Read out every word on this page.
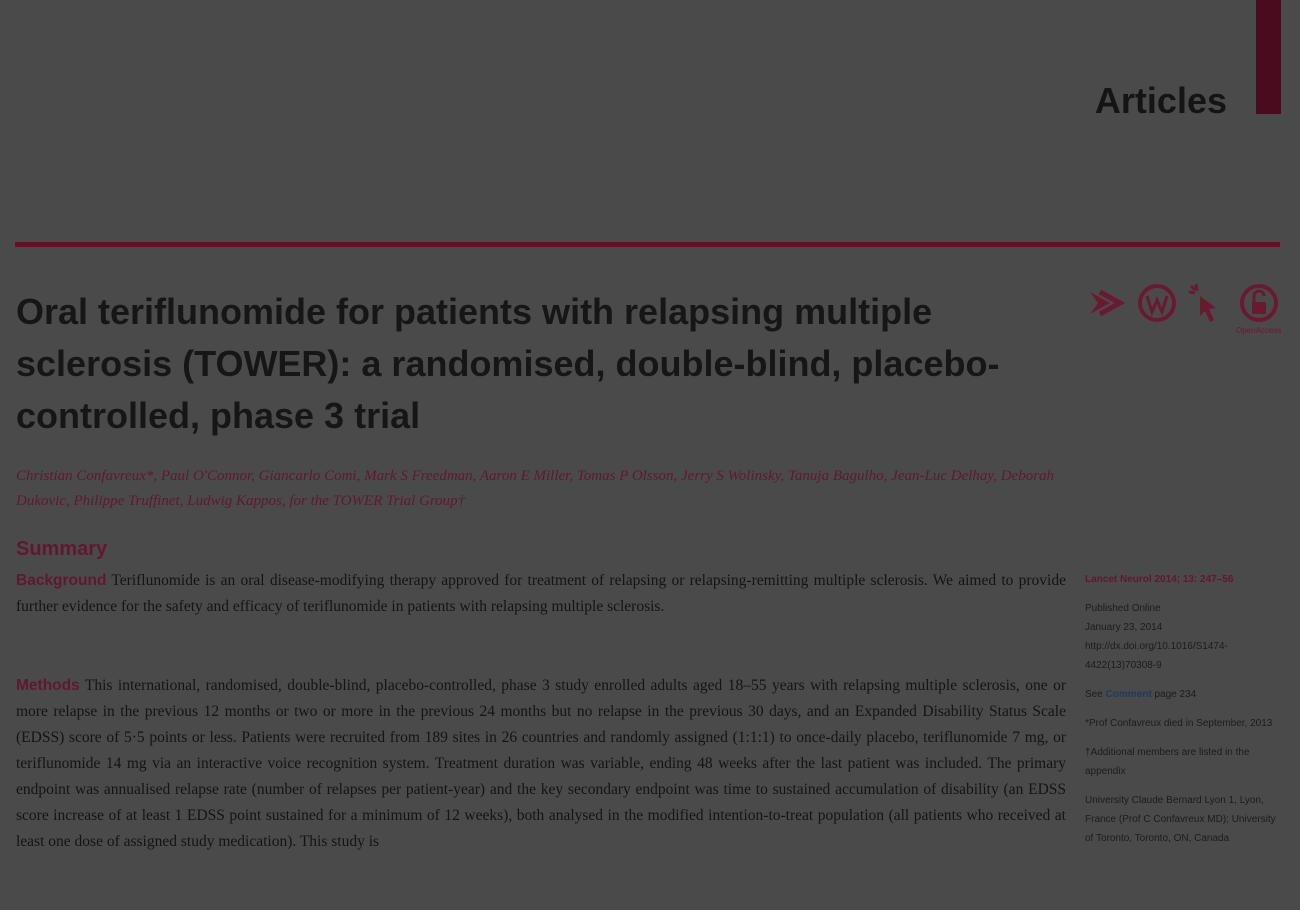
Articles
Oral teriflunomide for patients with relapsing multiple sclerosis (TOWER): a randomised, double-blind, placebo-controlled, phase 3 trial
OpenAccess

Christian Confavreux*, Paul O'Connor, Giancarlo Comi, Mark S Freedman, Aaron E Miller, Tomas P Olsson, Jerry S Wolinsky, Tanuja Bagulho, Jean-Luc Delhay, Deborah Dukovic, Philippe Truffinet, Ludwig Kappos, for the TOWER Trial Group†

Summary

Background Teriflunomide is an oral disease-modifying therapy approved for treatment of relapsing or relapsing-remitting multiple sclerosis. We aimed to provide further evidence for the safety and efficacy of teriflunomide in patients with relapsing multiple sclerosis.

Methods This international, randomised, double-blind, placebo-controlled, phase 3 study enrolled adults aged 18–55 years with relapsing multiple sclerosis, one or more relapse in the previous 12 months or two or more in the previous 24 months but no relapse in the previous 30 days, and an Expanded Disability Status Scale (EDSS) score of 5·5 points or less. Patients were recruited from 189 sites in 26 countries and randomly assigned (1:1:1) to once-daily placebo, teriflunomide 7 mg, or teriflunomide 14 mg via an interactive voice recognition system. Treatment duration was variable, ending 48 weeks after the last patient was included. The primary endpoint was annualised relapse rate (number of relapses per patient-year) and the key secondary endpoint was time to sustained accumulation of disability (an EDSS score increase of at least 1 EDSS point sustained for a minimum of 12 weeks), both analysed in the modified intention-to-treat population (all patients who received at least one dose of assigned study medication). This study is

Lancet Neurol 2014; 13: 247–56
Published Online
January 23, 2014
http://dx.doi.org/10.1016/S1474-4422(13)70308-9
See Comment page 234
*Prof Confavreux died in September, 2013
†Additional members are listed in the appendix
University Claude Bernard Lyon 1, Lyon, France (Prof C Confavreux MD); University of Toronto, Toronto, ON, Canada
